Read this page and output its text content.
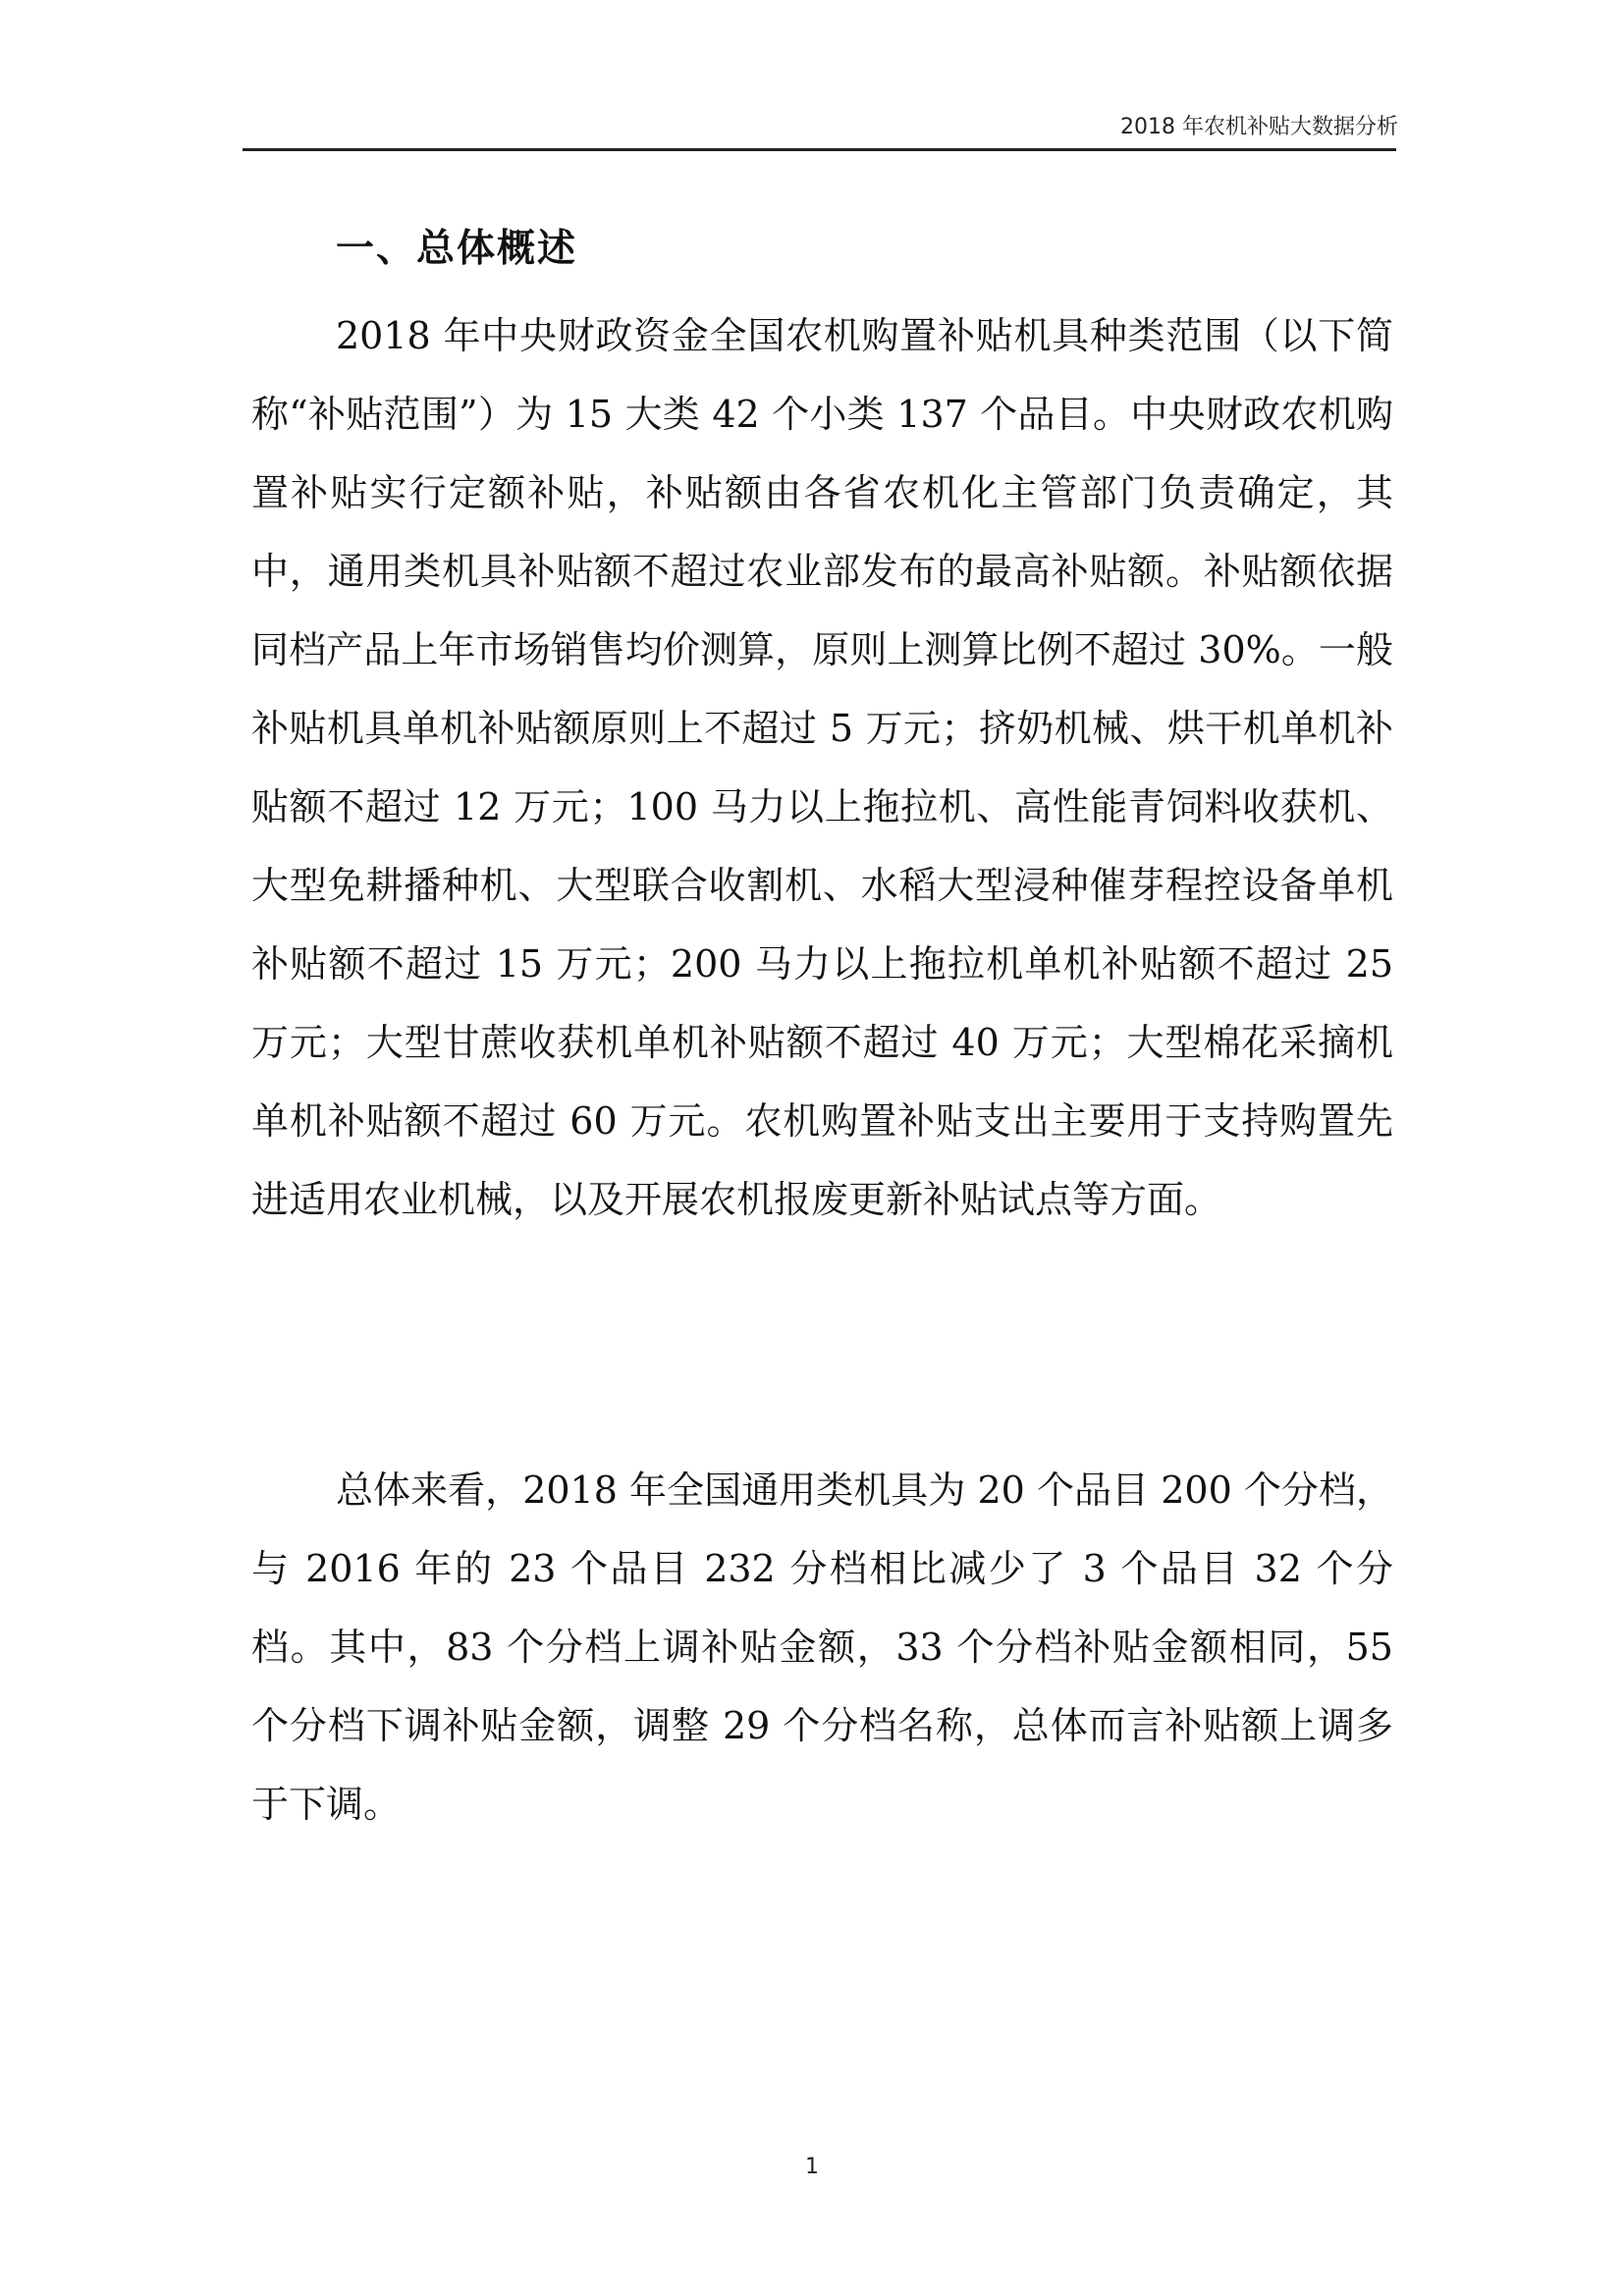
2018 年农机补贴大数据分析
一、总体概述

2018 年中央财政资金全国农机购置补贴机具种类范围（以下简称“补贴范围”）为 15 大类 42 个小类 137 个品目。中央财政农机购置补贴实行定额补贴，补贴额由各省农机化主管部门负责确定，其中，通用类机具补贴额不超过农业部发布的最高补贴额。补贴额依据同档产品上年市场销售均价测算，原则上测算比例不超过 30%。一般补贴机具单机补贴额原则上不超过 5 万元；挤奶机械、烘干机单机补贴额不超过 12 万元；100 马力以上拖拉机、高性能青饲料收获机、大型免耕播种机、大型联合收割机、水稻大型浸种催芽程控设备单机补贴额不超过 15 万元；200 马力以上拖拉机单机补贴额不超过 25 万元；大型甘蔗收获机单机补贴额不超过 40 万元；大型棉花采摘机单机补贴额不超过 60 万元。农机购置补贴支出主要用于支持购置先进适用农业机械，以及开展农机报废更新补贴试点等方面。

总体来看，2018 年全国通用类机具为 20 个品目 200 个分档，与 2016 年的 23 个品目 232 分档相比减少了 3 个品目 32 个分档。其中，83 个分档上调补贴金额，33 个分档补贴金额相同，55 个分档下调补贴金额，调整 29 个分档名称，总体而言补贴额上调多于下调。

1
